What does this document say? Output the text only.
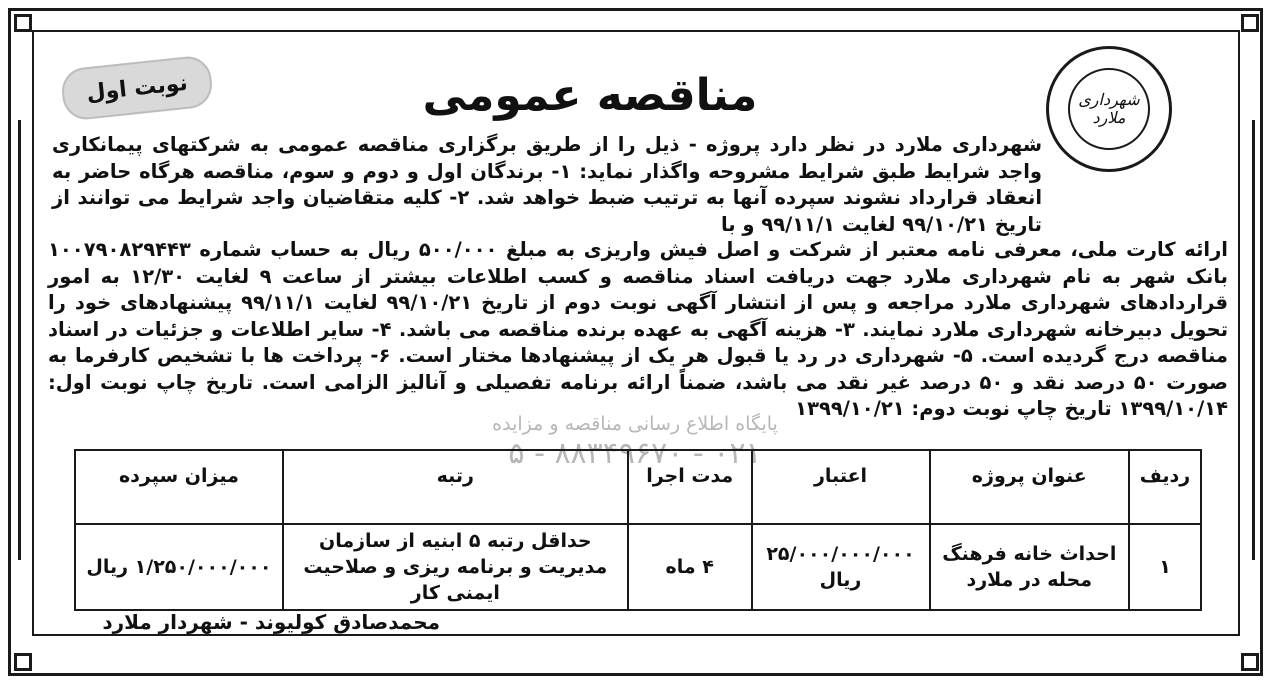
شهرداری ملارد
نوبت اول	مناقصه عمومی
شهرداری ملارد در نظر دارد پروژه - ذیل را از طریق برگزاری مناقصه عمومی به شرکتهای پیمانکاری واجد شرایط طبق شرایط مشروحه واگذار نماید: ۱- برندگان اول و دوم و سوم، مناقصه هرگاه حاضر به انعقاد قرارداد نشوند سپرده آنها به ترتیب ضبط خواهد شد. ۲- کلیه متقاضیان واجد شرایط می توانند از تاریخ ۹۹/۱۰/۲۱ لغایت ۹۹/۱۱/۱ و با
ارائه کارت ملی، معرفی نامه معتبر از شرکت و اصل فیش واریزی به مبلغ ۵۰۰/۰۰۰ ریال به حساب شماره ۱۰۰۷۹۰۸۲۹۴۴۳ بانک شهر به نام شهرداری ملارد جهت دریافت اسناد مناقصه و کسب اطلاعات بیشتر از ساعت ۹ لغایت ۱۲/۳۰ به امور قراردادهای شهرداری ملارد مراجعه و پس از انتشار آگهی نوبت دوم از تاریخ ۹۹/۱۰/۲۱ لغایت ۹۹/۱۱/۱ پیشنهادهای خود را تحویل دبیرخانه شهرداری ملارد نمایند. ۳- هزینه آگهی به عهده برنده مناقصه می باشد. ۴- سایر اطلاعات و جزئیات در اسناد مناقصه درج گردیده است. ۵- شهرداری در رد یا قبول هر یک از پیشنهادها مختار است. ۶- پرداخت ها با تشخیص کارفرما به صورت ۵۰ درصد نقد و ۵۰ درصد غیر نقد می باشد، ضمناً ارائه برنامه تفصیلی و آنالیز الزامی است. تاریخ چاپ نوبت اول: ۱۳۹۹/۱۰/۱۴ تاریخ چاپ نوبت دوم: ۱۳۹۹/۱۰/۲۱
پایگاه اطلاع رسانی مناقصه و مزایده
۰۲۱ - ۸۸۳۴۹۶۷۰ - ۵
ردیف	عنوان پروژه	اعتبار	مدت اجرا	رتبه	میزان سپرده
۱	احداث خانه فرهنگ محله در ملارد	۲۵/۰۰۰/۰۰۰/۰۰۰ ریال	۴ ماه	حداقل رتبه ۵ ابنیه از سازمان مدیریت و برنامه ریزی و صلاحیت ایمنی کار	۱/۲۵۰/۰۰۰/۰۰۰ ریال
محمدصادق کولیوند - شهردار ملارد
